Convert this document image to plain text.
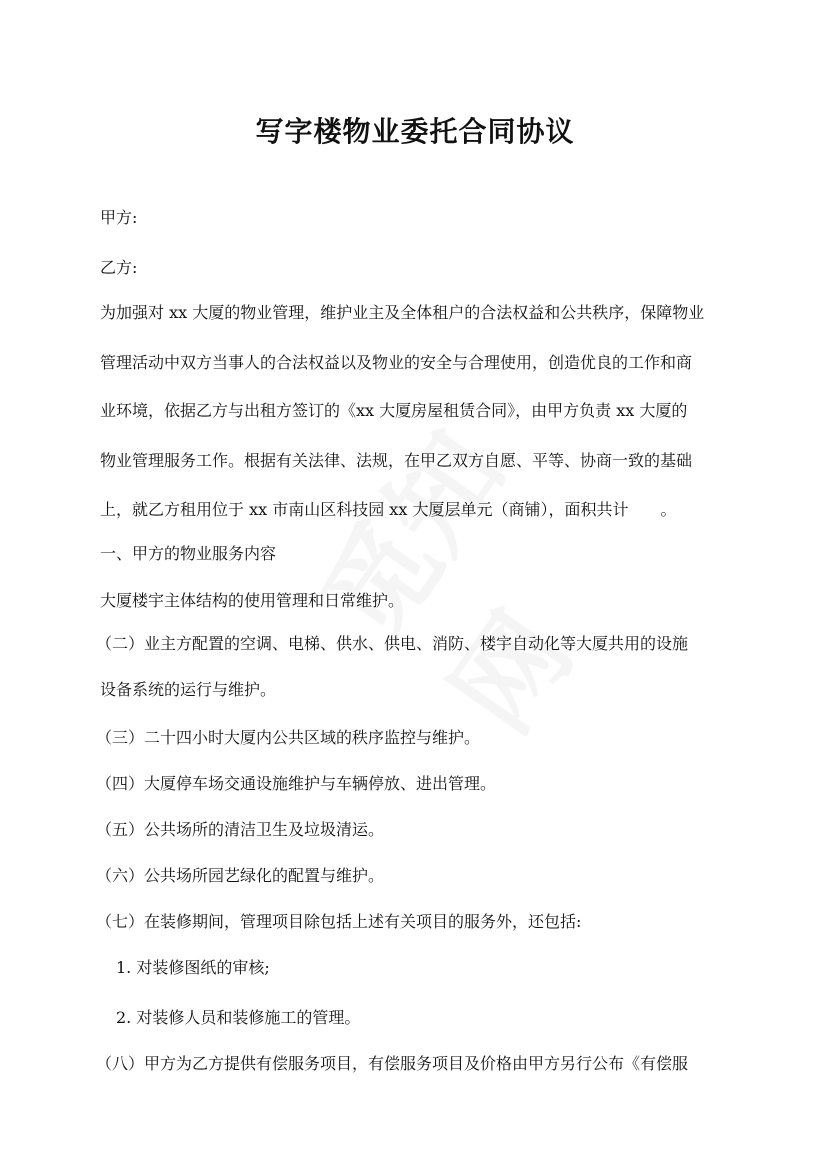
写字楼物业委托合同协议
甲方:
乙方:
为加强对 xx 大厦的物业管理，维护业主及全体租户的合法权益和公共秩序，保障物业
管理活动中双方当事人的合法权益以及物业的安全与合理使用，创造优良的工作和商
业环境，依据乙方与出租方签订的《xx 大厦房屋租赁合同》，由甲方负责 xx 大厦的
物业管理服务工作。根据有关法律、法规，在甲乙双方自愿、平等、协商一致的基础
上，就乙方租用位于 xx 市南山区科技园 xx 大厦层单元（商铺），面积共计　　。
一、甲方的物业服务内容
大厦楼宇主体结构的使用管理和日常维护。
（二）业主方配置的空调、电梯、供水、供电、消防、楼宇自动化等大厦共用的设施
设备系统的运行与维护。
（三）二十四小时大厦内公共区域的秩序监控与维护。
（四）大厦停车场交通设施维护与车辆停放、进出管理。
（五）公共场所的清洁卫生及垃圾清运。
（六）公共场所园艺绿化的配置与维护。
（七）在装修期间，管理项目除包括上述有关项目的服务外，还包括:
1. 对装修图纸的审核;
2. 对装修人员和装修施工的管理。
（八）甲方为乙方提供有偿服务项目，有偿服务项目及价格由甲方另行公布《有偿服
